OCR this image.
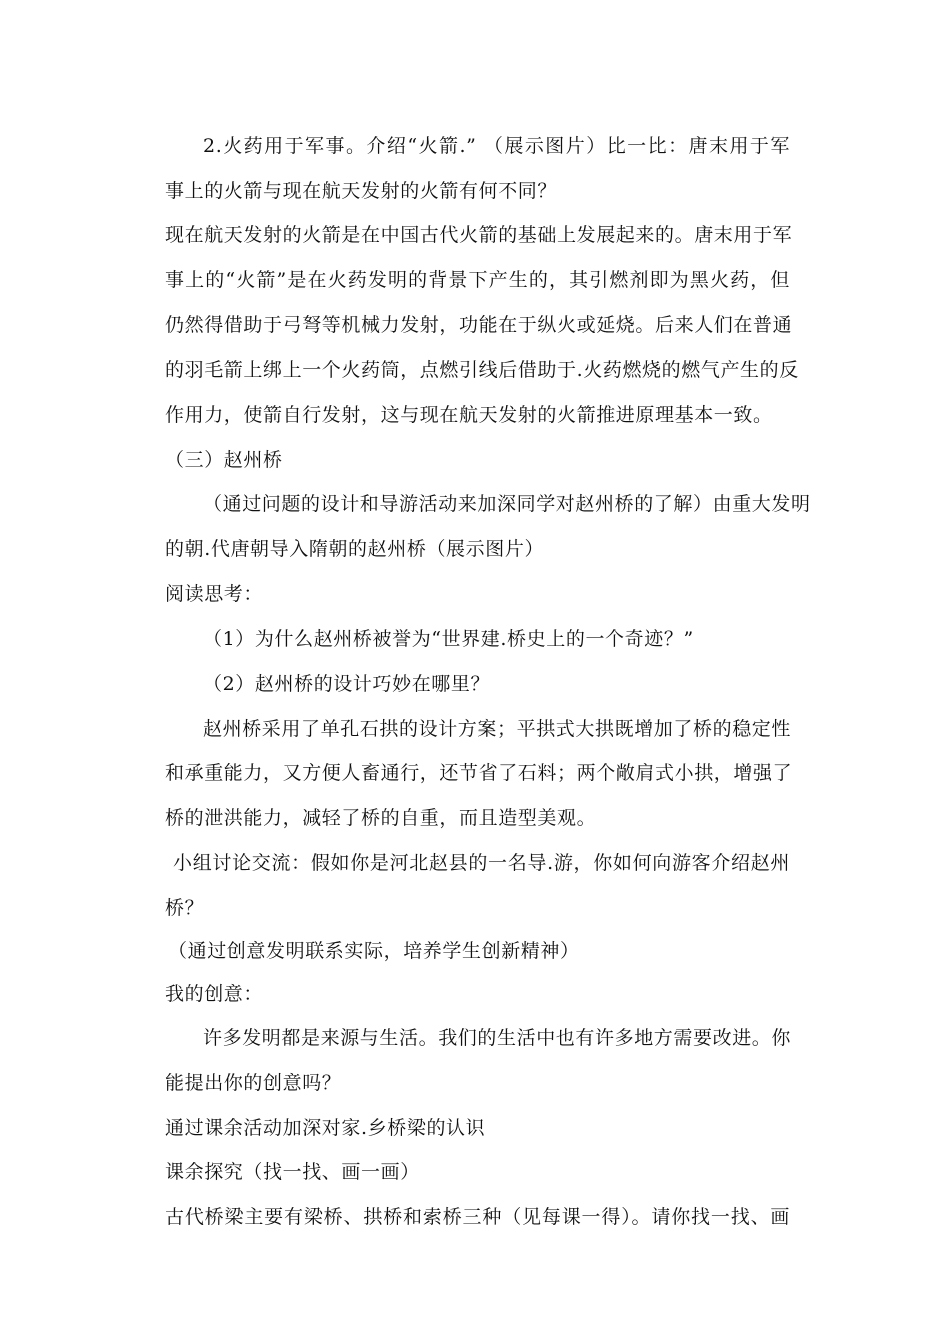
2.火药用于军事。介绍“火箭.” （展示图片）比一比：唐末用于军
事上的火箭与现在航天发射的火箭有何不同？
现在航天发射的火箭是在中国古代火箭的基础上发展起来的。唐末用于军
事上的“火箭”是在火药发明的背景下产生的，其引燃剂即为黑火药，但
仍然得借助于弓弩等机械力发射，功能在于纵火或延烧。后来人们在普通
的羽毛箭上绑上一个火药筒，点燃引线后借助于.火药燃烧的燃气产生的反
作用力，使箭自行发射，这与现在航天发射的火箭推进原理基本一致。
（三）赵州桥
（通过问题的设计和导游活动来加深同学对赵州桥的了解）由重大发明
的朝.代唐朝导入隋朝的赵州桥（展示图片）
阅读思考：
（1）为什么赵州桥被誉为“世界建.桥史上的一个奇迹？”
（2）赵州桥的设计巧妙在哪里？
赵州桥采用了单孔石拱的设计方案；平拱式大拱既增加了桥的稳定性
和承重能力，又方便人畜通行，还节省了石料；两个敞肩式小拱，增强了
桥的泄洪能力，减轻了桥的自重，而且造型美观。
小组讨论交流：假如你是河北赵县的一名导.游，你如何向游客介绍赵州
桥？
（通过创意发明联系实际，培养学生创新精神）
我的创意：
许多发明都是来源与生活。我们的生活中也有许多地方需要改进。你
能提出你的创意吗？
通过课余活动加深对家.乡桥梁的认识
课余探究（找一找、画一画）
古代桥梁主要有梁桥、拱桥和索桥三种（见每课一得）。请你找一找、画
